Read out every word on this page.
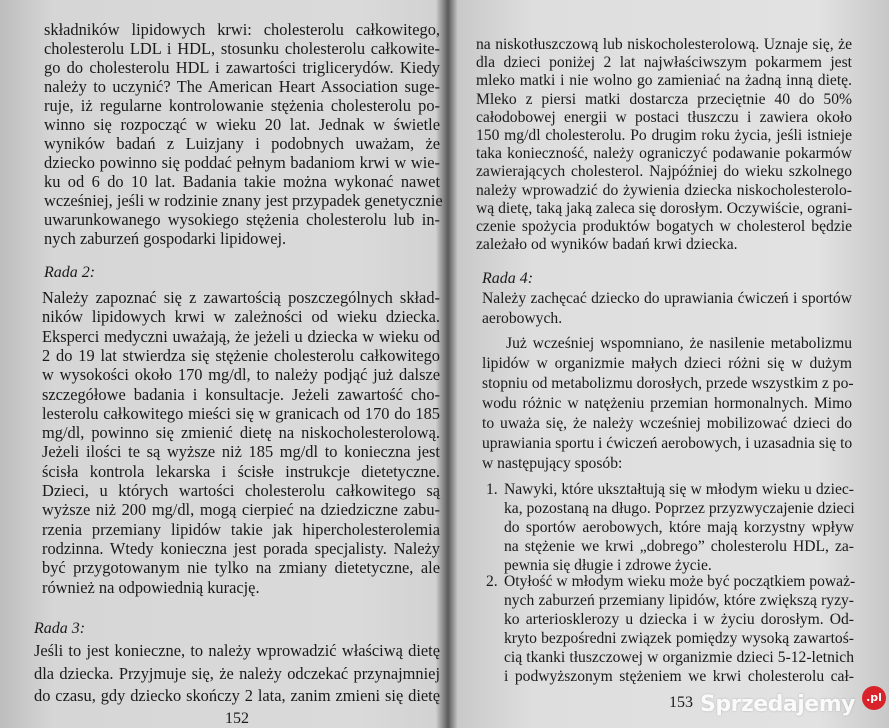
Rada 2:
Rada 3:
152
składników lipidowych krwi: cholesterolu całkowitego,
cholesterolu LDL i HDL, stosunku cholesterolu całkowite-
go do cholesterolu HDL i zawartości triglicerydów. Kiedy
należy to uczynić? The American Heart Association suge-
ruje, iż regularne kontrolowanie stężenia cholesterolu po-
winno się rozpocząć w wieku 20 lat. Jednak w świetle
wyników badań z Luizjany i podobnych uważam, że
dziecko powinno się poddać pełnym badaniom krwi w wie-
ku od 6 do 10 lat. Badania takie można wykonać nawet
wcześniej, jeśli w rodzinie znany jest przypadek genetycznie
uwarunkowanego wysokiego stężenia cholesterolu lub in-
nych zaburzeń gospodarki lipidowej.
Należy zapoznać się z zawartością poszczególnych skład-
ników lipidowych krwi w zależności od wieku dziecka.
Eksperci medyczni uważają, że jeżeli u dziecka w wieku od
2 do 19 lat stwierdza się stężenie cholesterolu całkowitego
w wysokości około 170 mg/dl, to należy podjąć już dalsze
szczegółowe badania i konsultacje. Jeżeli zawartość cho-
lesterolu całkowitego mieści się w granicach od 170 do 185
mg/dl, powinno się zmienić dietę na niskocholesterolową.
Jeżeli ilości te są wyższe niż 185 mg/dl to konieczna jest
ścisła kontrola lekarska i ścisłe instrukcje dietetyczne.
Dzieci, u których wartości cholesterolu całkowitego są
wyższe niż 200 mg/dl, mogą cierpieć na dziedziczne zabu-
rzenia przemiany lipidów takie jak hipercholesterolemia
rodzinna. Wtedy konieczna jest porada specjalisty. Należy
być przygotowanym nie tylko na zmiany dietetyczne, ale
również na odpowiednią kurację.
Jeśli to jest konieczne, to należy wprowadzić właściwą dietę
dla dziecka. Przyjmuje się, że należy odczekać przynajmniej
do czasu, gdy dziecko skończy 2 lata, zanim zmieni się dietę
Rada 4:
1.
2.
153
na niskotłuszczową lub niskocholesterolową. Uznaje się, że
dla dzieci poniżej 2 lat najwłaściwszym pokarmem jest
mleko matki i nie wolno go zamieniać na żadną inną dietę.
Mleko z piersi matki dostarcza przeciętnie 40 do 50%
całodobowej energii w postaci tłuszczu i zawiera około
150 mg/dl cholesterolu. Po drugim roku życia, jeśli istnieje
taka konieczność, należy ograniczyć podawanie pokarmów
zawierających cholesterol. Najpóźniej do wieku szkolnego
należy wprowadzić do żywienia dziecka niskocholesterolo-
wą dietę, taką jaką zaleca się dorosłym. Oczywiście, ograni-
czenie spożycia produktów bogatych w cholesterol będzie
zależało od wyników badań krwi dziecka.
Należy zachęcać dziecko do uprawiania ćwiczeń i sportów
aerobowych.
Już wcześniej wspomniano, że nasilenie metabolizmu
lipidów w organizmie małych dzieci różni się w dużym
stopniu od metabolizmu dorosłych, przede wszystkim z po-
wodu różnic w natężeniu przemian hormonalnych. Mimo
to uważa się, że należy wcześniej mobilizować dzieci do
uprawiania sportu i ćwiczeń aerobowych, i uzasadnia się to
w następujący sposób:
Nawyki, które ukształtują się w młodym wieku u dziec-
ka, pozostaną na długo. Poprzez przyzwyczajenie dzieci
do sportów aerobowych, które mają korzystny wpływ
na stężenie we krwi „dobrego” cholesterolu HDL, za-
pewnia się długie i zdrowe życie.
Otyłość w młodym wieku może być początkiem poważ-
nych zaburzeń przemiany lipidów, które zwiększą ryzy-
ko arteriosklerozy u dziecka i w życiu dorosłym. Od-
kryto bezpośredni związek pomiędzy wysoką zawartoś-
cią tkanki tłuszczowej w organizmie dzieci 5-12-letnich
i podwyższonym stężeniem we krwi cholesterolu cał-
Sprzedajemy	.pl
